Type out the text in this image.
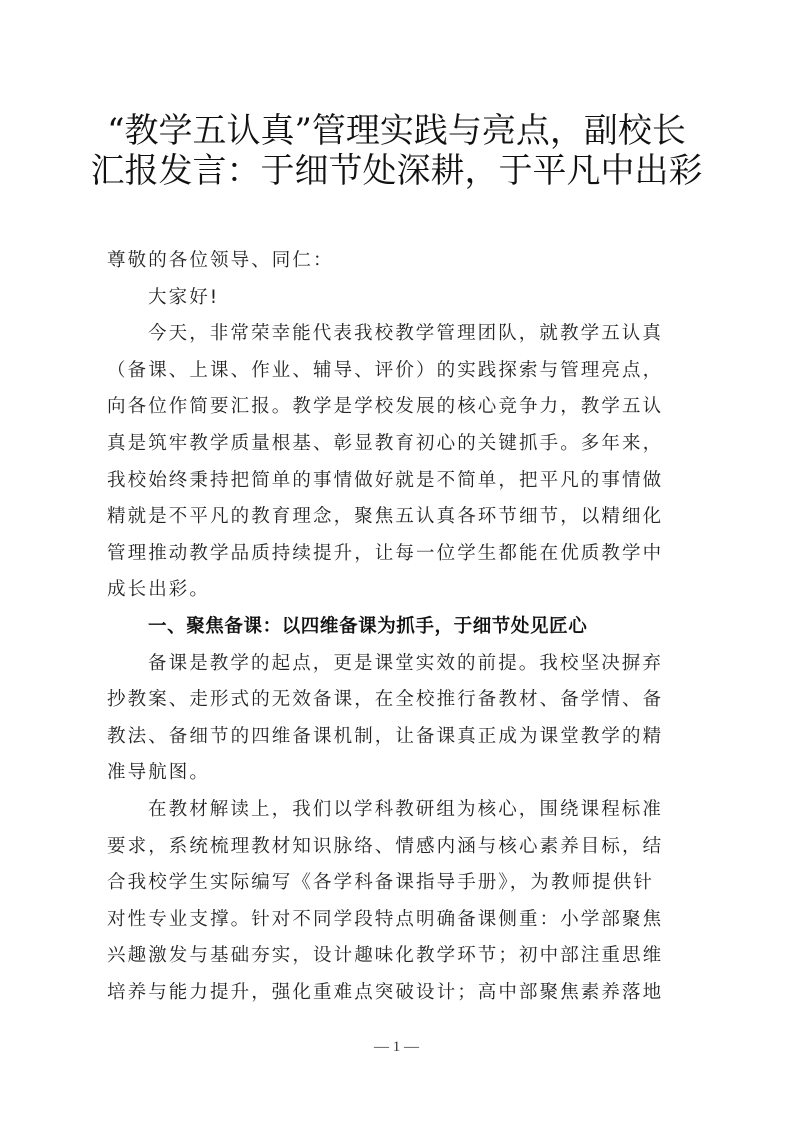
“教学五认真”管理实践与亮点，副校长
汇报发言：于细节处深耕，于平凡中出彩

尊敬的各位领导、同仁：

大家好!

今天，非常荣幸能代表我校教学管理团队，就教学五认真
（备课、上课、作业、辅导、评价）的实践探索与管理亮点，
向各位作简要汇报。教学是学校发展的核心竞争力，教学五认
真是筑牢教学质量根基、彰显教育初心的关键抓手。多年来，
我校始终秉持把简单的事情做好就是不简单，把平凡的事情做
精就是不平凡的教育理念，聚焦五认真各环节细节，以精细化
管理推动教学品质持续提升，让每一位学生都能在优质教学中
成长出彩。

一、聚焦备课：以四维备课为抓手，于细节处见匠心

备课是教学的起点，更是课堂实效的前提。我校坚决摒弃
抄教案、走形式的无效备课，在全校推行备教材、备学情、备
教法、备细节的四维备课机制，让备课真正成为课堂教学的精
准导航图。

在教材解读上，我们以学科教研组为核心，围绕课程标准
要求，系统梳理教材知识脉络、情感内涵与核心素养目标，结
合我校学生实际编写《各学科备课指导手册》，为教师提供针
对性专业支撑。针对不同学段特点明确备课侧重：小学部聚焦
兴趣激发与基础夯实，设计趣味化教学环节；初中部注重思维
培养与能力提升，强化重难点突破设计；高中部聚焦素养落地

— 1 —
